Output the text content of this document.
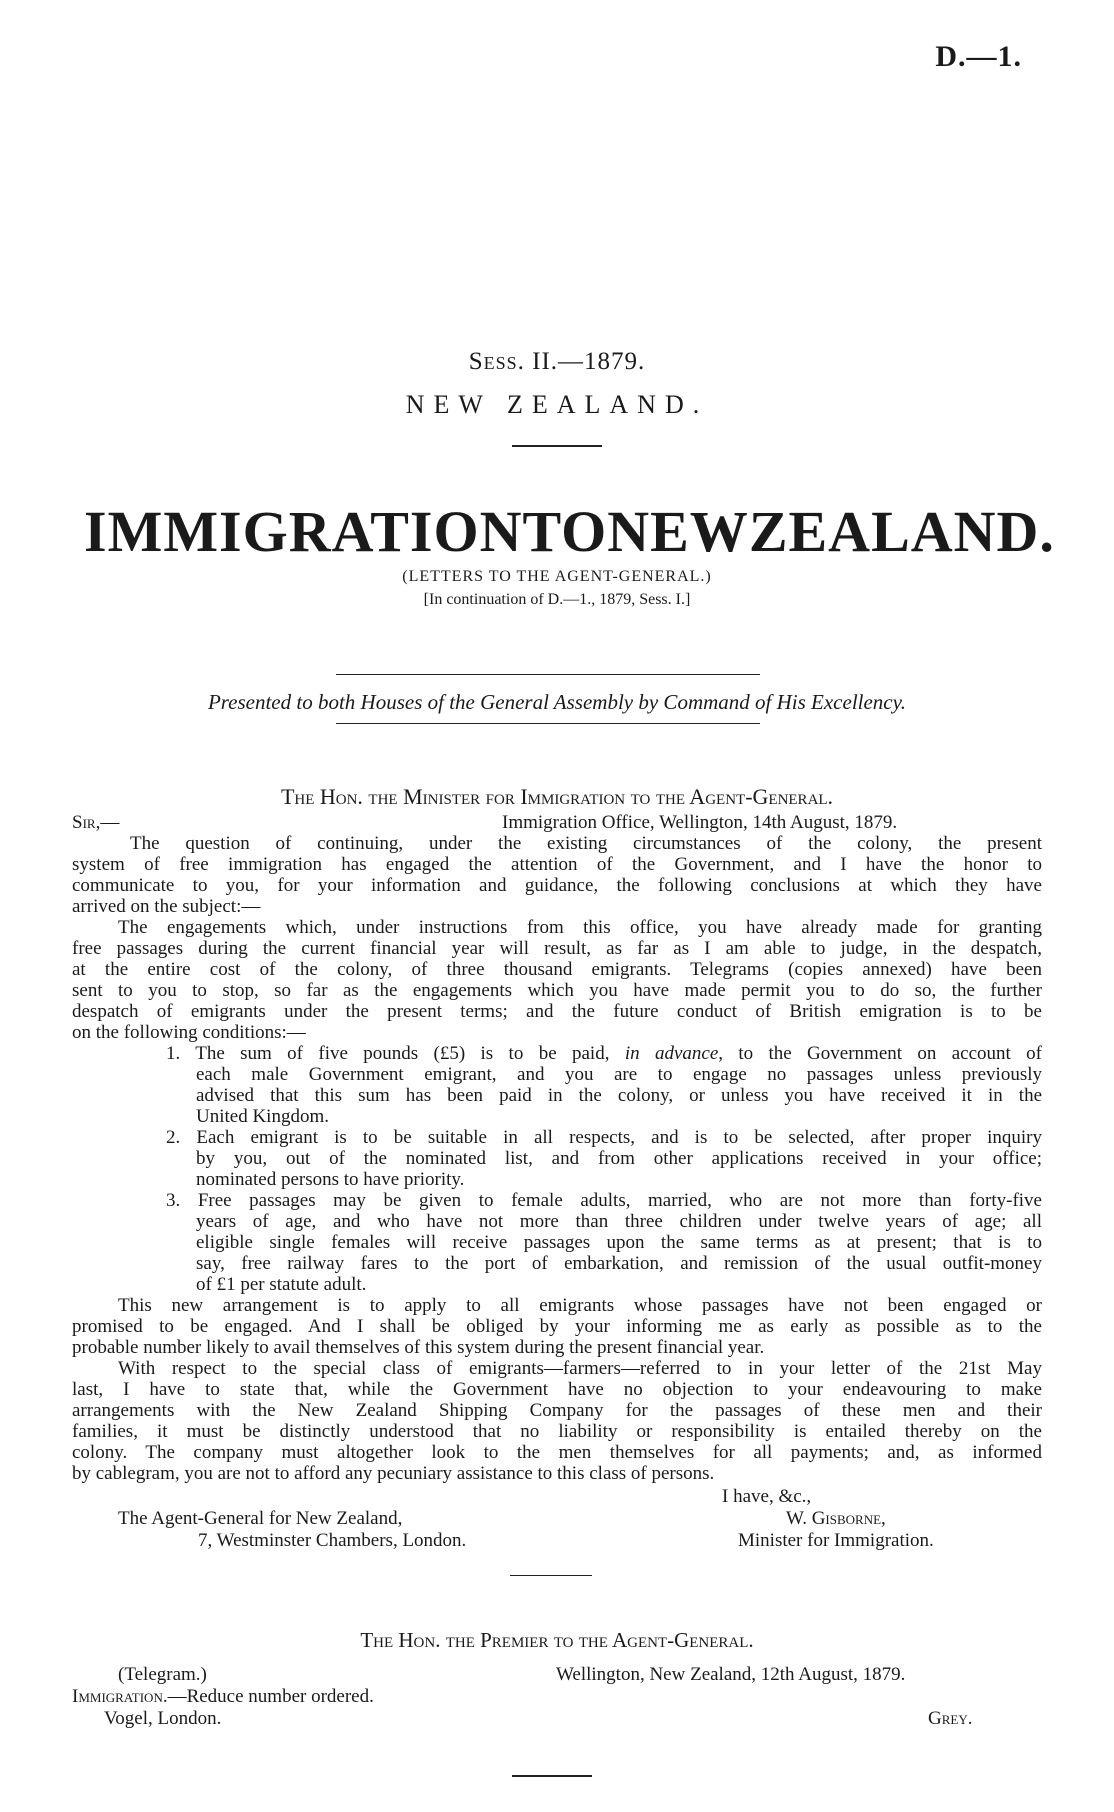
D.—1.
Sess. II.—1879.
NEW ZEALAND.
IMMIGRATION TO NEW ZEALAND.
(LETTERS TO THE AGENT-GENERAL.)
[In continuation of D.—1., 1879, Sess. I.]
Presented to both Houses of the General Assembly by Command of His Excellency.
The Hon. the Minister for Immigration to the Agent-General.
Sir,—	Immigration Office, Wellington, 14th August, 1879.
The question of continuing, under the existing circumstances of the colony, the present
system of free immigration has engaged the attention of the Government, and I have the honor to
communicate to you, for your information and guidance, the following conclusions at which they have
arrived on the subject:—
The engagements which, under instructions from this office, you have already made for granting
free passages during the current financial year will result, as far as I am able to judge, in the despatch,
at the entire cost of the colony, of three thousand emigrants. Telegrams (copies annexed) have been
sent to you to stop, so far as the engagements which you have made permit you to do so, the further
despatch of emigrants under the present terms; and the future conduct of British emigration is to be
on the following conditions:—
1. The sum of five pounds (£5) is to be paid, in advance, to the Government on account of
each male Government emigrant, and you are to engage no passages unless previously
advised that this sum has been paid in the colony, or unless you have received it in the
United Kingdom.
2. Each emigrant is to be suitable in all respects, and is to be selected, after proper inquiry
by you, out of the nominated list, and from other applications received in your office;
nominated persons to have priority.
3. Free passages may be given to female adults, married, who are not more than forty-five
years of age, and who have not more than three children under twelve years of age; all
eligible single females will receive passages upon the same terms as at present; that is to
say, free railway fares to the port of embarkation, and remission of the usual outfit-money
of £1 per statute adult.
This new arrangement is to apply to all emigrants whose passages have not been engaged or
promised to be engaged. And I shall be obliged by your informing me as early as possible as to the
probable number likely to avail themselves of this system during the present financial year.
With respect to the special class of emigrants—farmers—referred to in your letter of the 21st May
last, I have to state that, while the Government have no objection to your endeavouring to make
arrangements with the New Zealand Shipping Company for the passages of these men and their
families, it must be distinctly understood that no liability or responsibility is entailed thereby on the
colony. The company must altogether look to the men themselves for all payments; and, as informed
by cablegram, you are not to afford any pecuniary assistance to this class of persons.
I have, &c.,
The Agent-General for New Zealand,	W. Gisborne,
7, Westminster Chambers, London.	Minister for Immigration.
The Hon. the Premier to the Agent-General.
(Telegram.)	Wellington, New Zealand, 12th August, 1879.
Immigration.—Reduce number ordered.
Vogel, London.	Grey.
